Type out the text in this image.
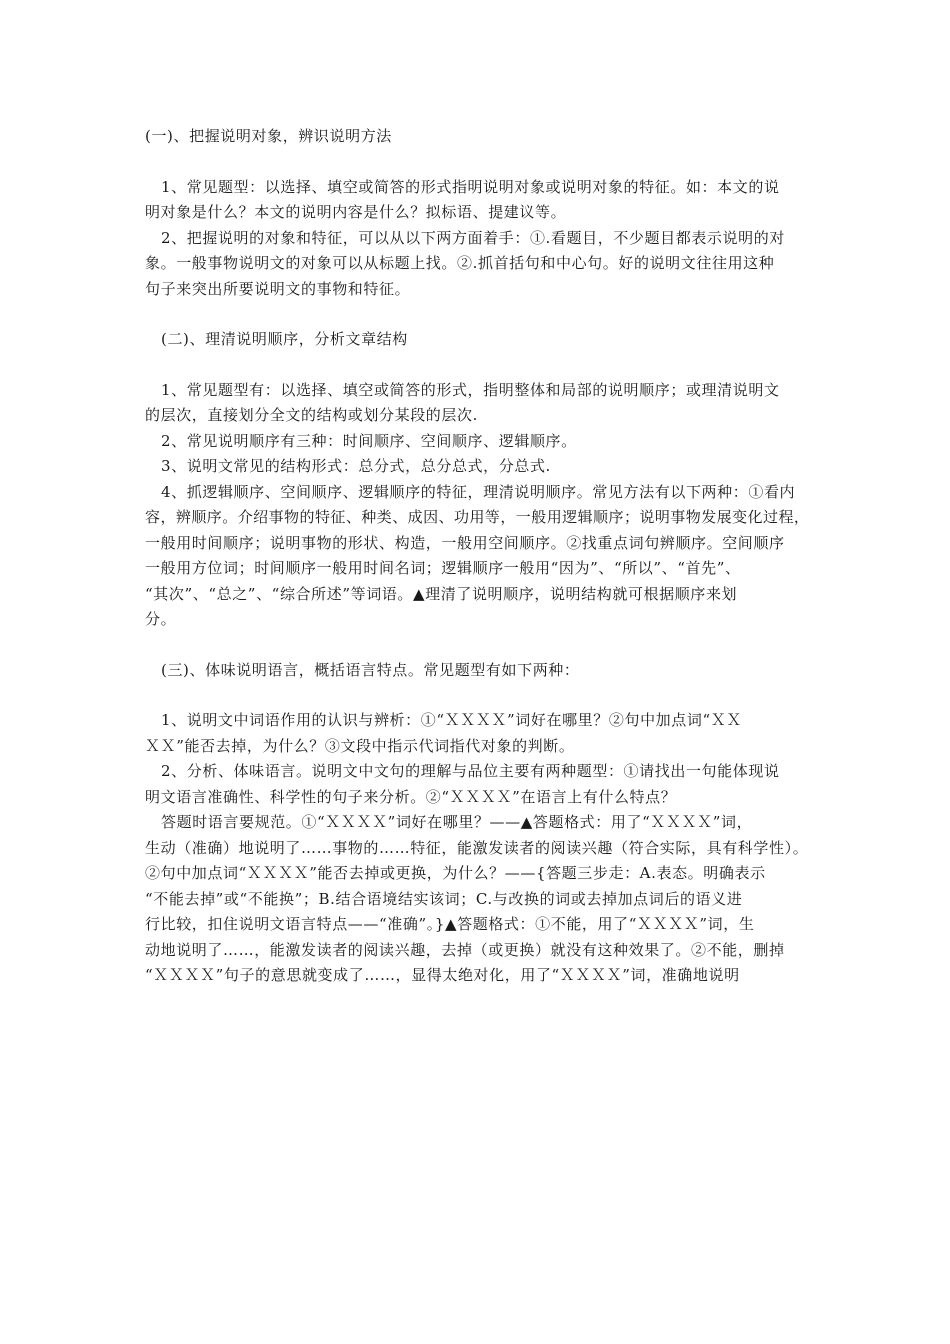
(一)、把握说明对象，辨识说明方法
1、常见题型：以选择、填空或简答的形式指明说明对象或说明对象的特征。如：本文的说
明对象是什么？本文的说明内容是什么？拟标语、提建议等。
2、把握说明的对象和特征，可以从以下两方面着手：①.看题目，不少题目都表示说明的对
象。一般事物说明文的对象可以从标题上找。②.抓首括句和中心句。好的说明文往往用这种
句子来突出所要说明文的事物和特征。
(二)、理清说明顺序，分析文章结构
1、常见题型有：以选择、填空或简答的形式，指明整体和局部的说明顺序；或理清说明文
的层次，直接划分全文的结构或划分某段的层次.
2、常见说明顺序有三种：时间顺序、空间顺序、逻辑顺序。
3、说明文常见的结构形式：总分式，总分总式，分总式.
4、抓逻辑顺序、空间顺序、逻辑顺序的特征，理清说明顺序。常见方法有以下两种：①看内
容，辨顺序。介绍事物的特征、种类、成因、功用等，一般用逻辑顺序；说明事物发展变化过程，
一般用时间顺序；说明事物的形状、构造，一般用空间顺序。②找重点词句辨顺序。空间顺序
一般用方位词；时间顺序一般用时间名词；逻辑顺序一般用“因为”、“所以”、“首先”、
“其次”、“总之”、“综合所述”等词语。▲理清了说明顺序，说明结构就可根据顺序来划
分。
(三)、体味说明语言，概括语言特点。常见题型有如下两种：
1、说明文中词语作用的认识与辨析：①“ＸＸＸＸ”词好在哪里？②句中加点词“ＸＸ
ＸＸ”能否去掉，为什么？③文段中指示代词指代对象的判断。
2、分析、体味语言。说明文中文句的理解与品位主要有两种题型：①请找出一句能体现说
明文语言准确性、科学性的句子来分析。②“ＸＸＸＸ”在语言上有什么特点？
答题时语言要规范。①“ＸＸＸＸ”词好在哪里？——▲答题格式：用了“ＸＸＸＸ”词，
生动（准确）地说明了……事物的……特征，能激发读者的阅读兴趣（符合实际，具有科学性）。
②句中加点词“ＸＸＸＸ”能否去掉或更换，为什么？——{答题三步走：A.表态。明确表示
“不能去掉”或“不能换”；B.结合语境结实该词；C.与改换的词或去掉加点词后的语义进
行比较，扣住说明文语言特点——“准确”。}▲答题格式：①不能，用了“ＸＸＸＸ”词，生
动地说明了……，能激发读者的阅读兴趣，去掉（或更换）就没有这种效果了。②不能，删掉
“ＸＸＸＸ”句子的意思就变成了……，显得太绝对化，用了“ＸＸＸＸ”词，准确地说明
